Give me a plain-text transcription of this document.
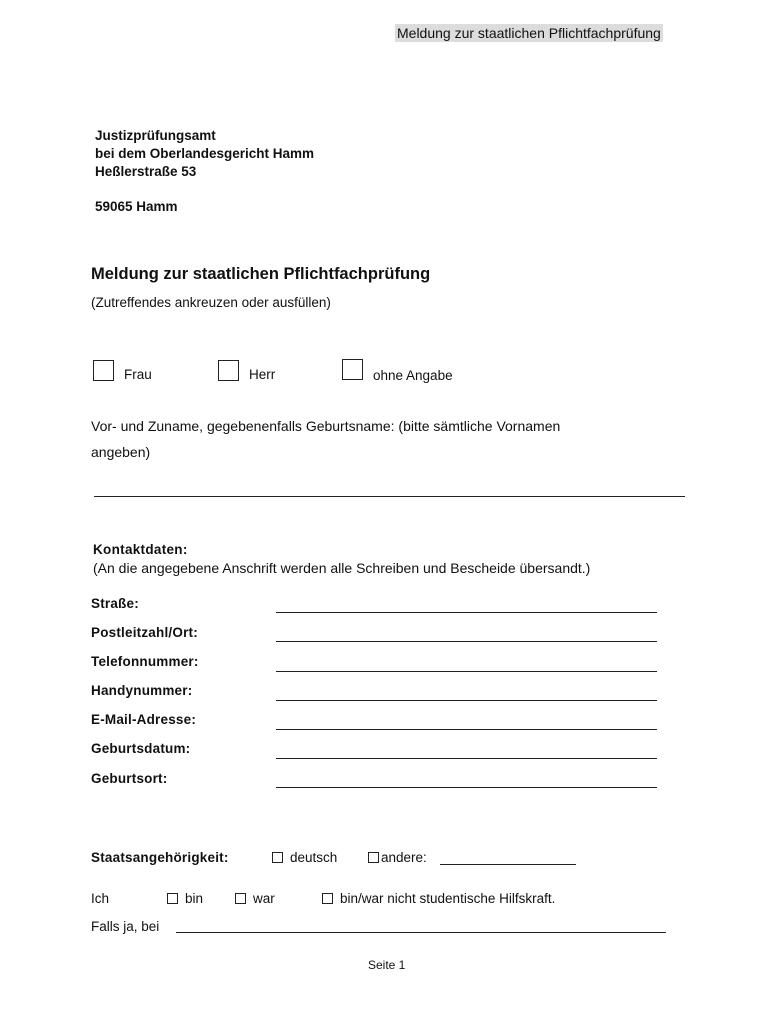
Meldung zur staatlichen Pflichtfachprüfung
Justizprüfungsamt
bei dem Oberlandesgericht Hamm
Heßlerstraße 53
59065 Hamm
Meldung zur staatlichen Pflichtfachprüfung
(Zutreffendes ankreuzen oder ausfüllen)
Frau	Herr	ohne Angabe
Vor- und Zuname, gegebenenfalls Geburtsname: (bitte sämtliche Vornamen
angeben)
Kontaktdaten:
(An die angegebene Anschrift werden alle Schreiben und Bescheide übersandt.)
Straße:
Postleitzahl/Ort:
Telefonnummer:
Handynummer:
E-Mail-Adresse:
Geburtsdatum:
Geburtsort:
Staatsangehörigkeit:	deutsch	andere:
Ich	bin	war	bin/war nicht studentische Hilfskraft.
Falls ja, bei
Seite 1
